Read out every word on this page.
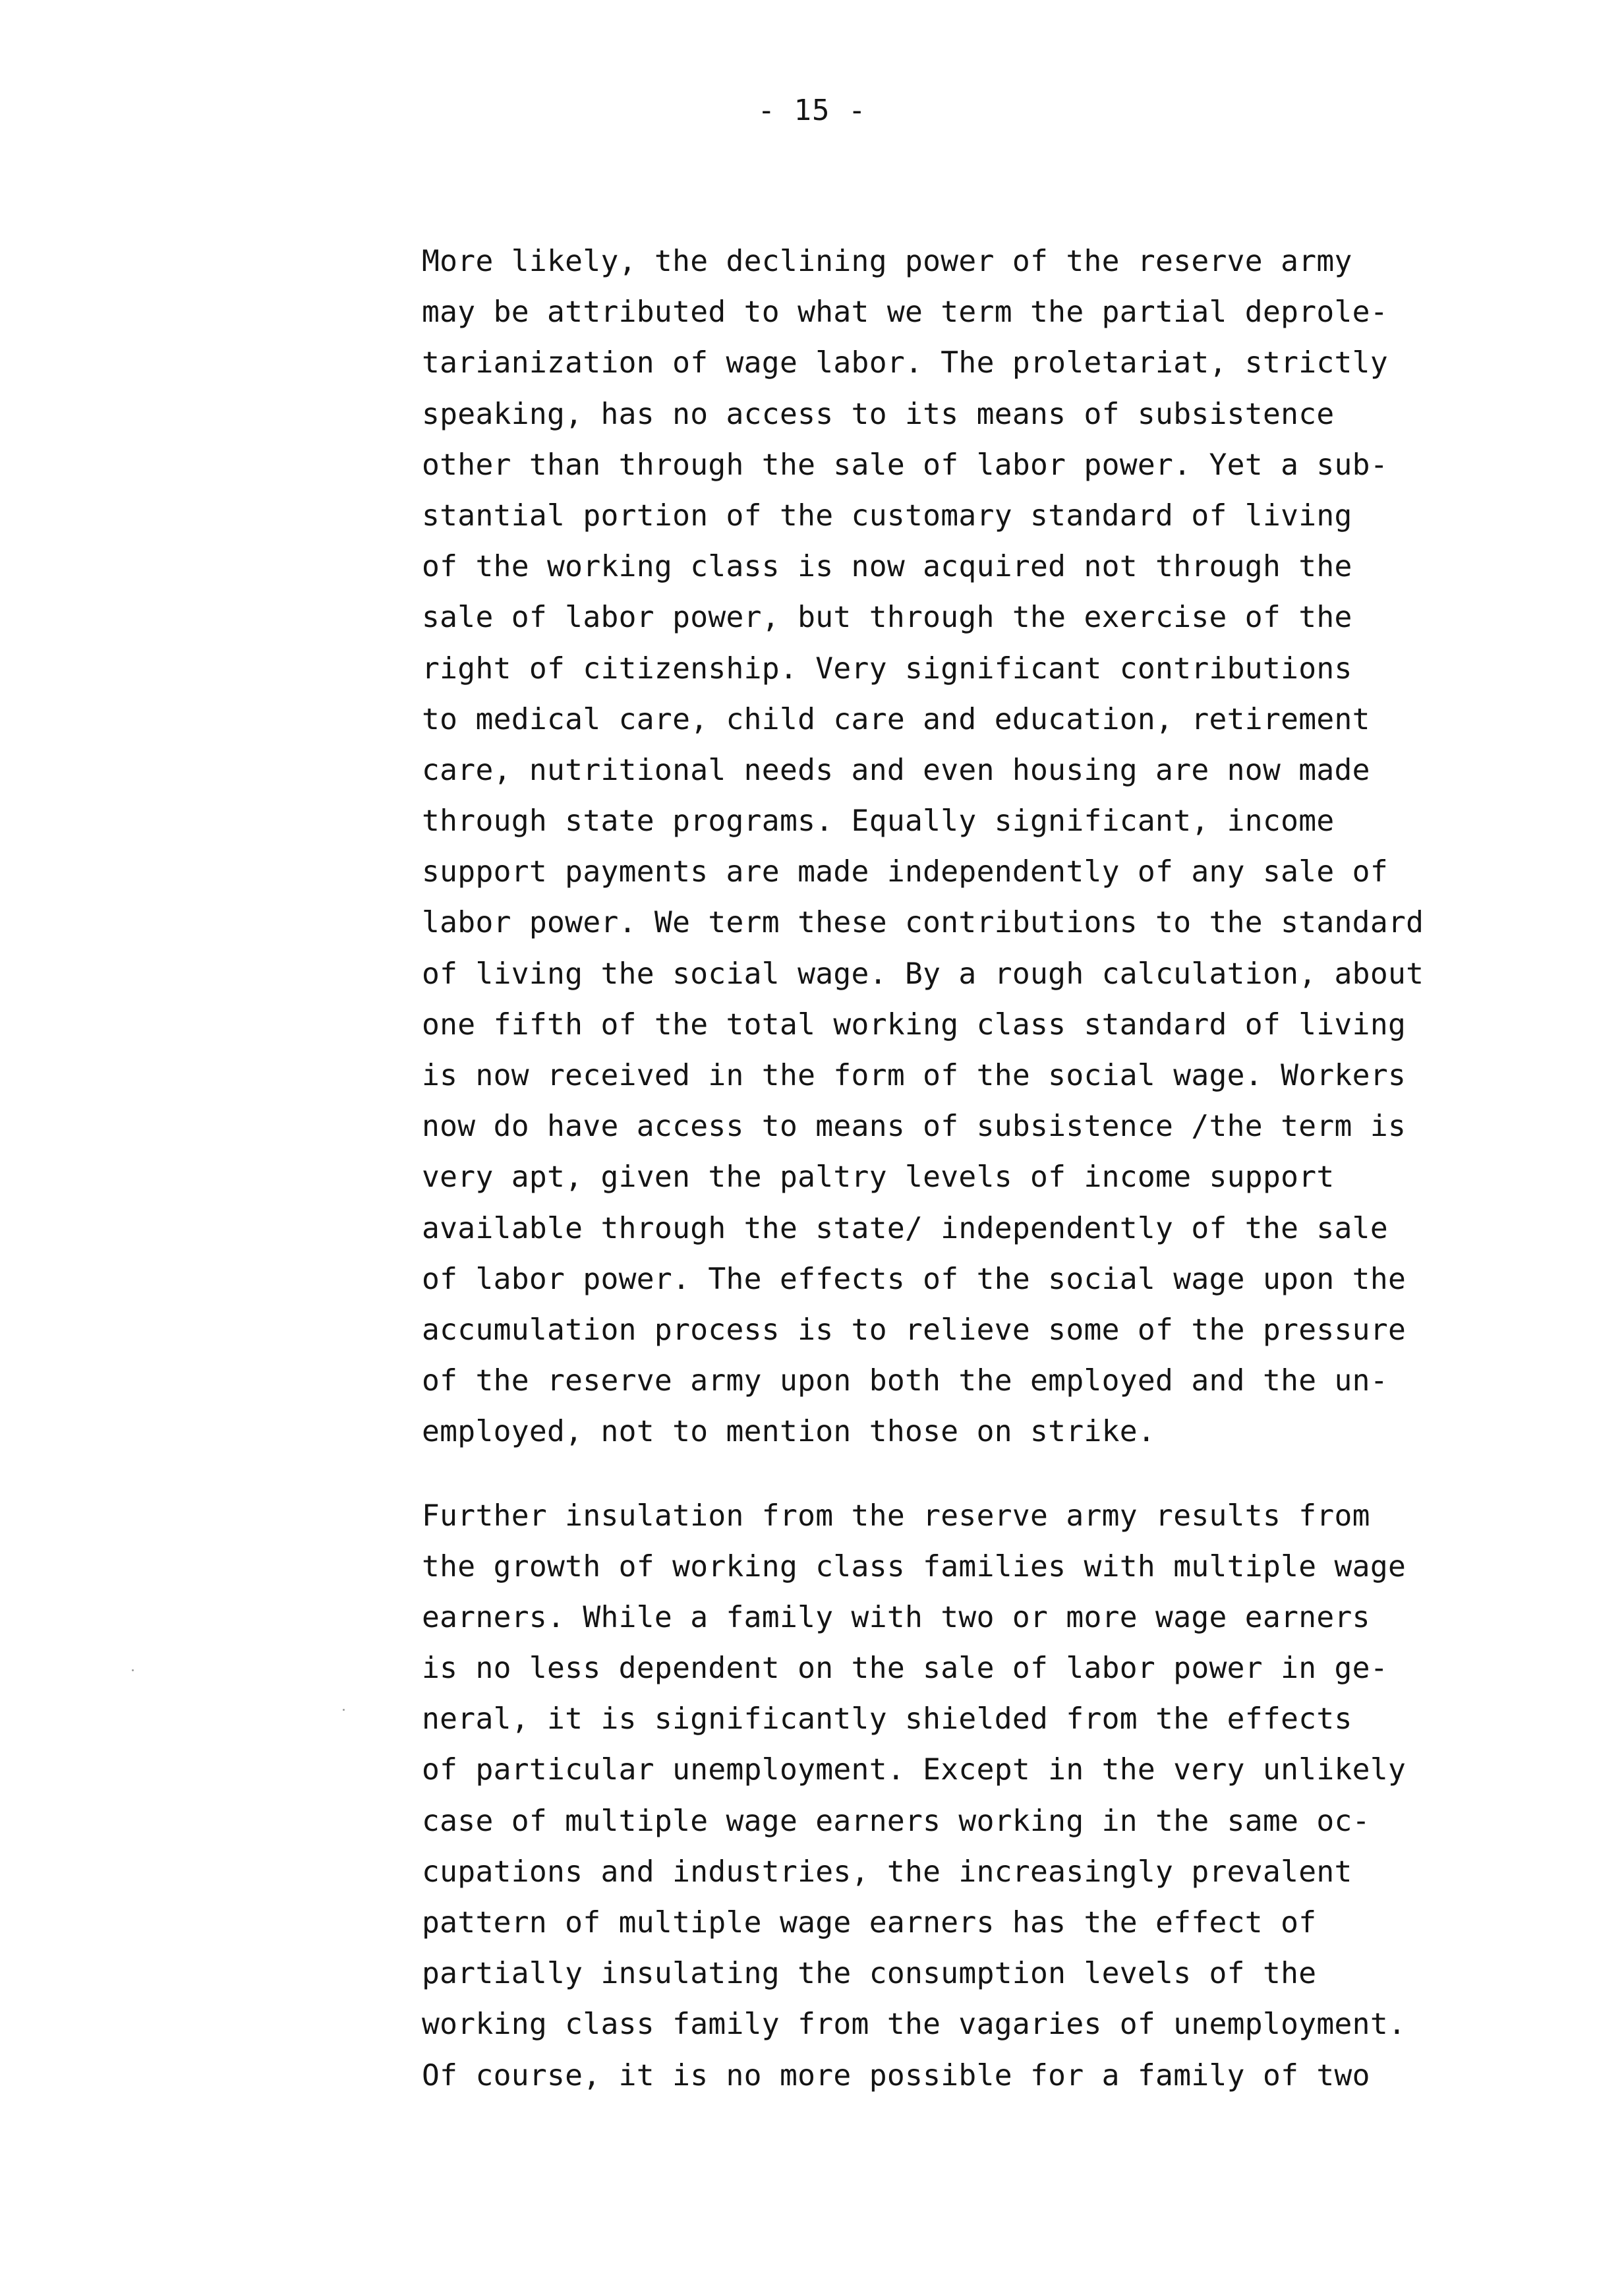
- 15 -

More likely, the declining power of the reserve army
may be attributed to what we term the partial deprole-
tarianization of wage labor. The proletariat, strictly
speaking, has no access to its means of subsistence
other than through the sale of labor power. Yet a sub-
stantial portion of the customary standard of living
of the working class is now acquired not through the
sale of labor power, but through the exercise of the
right of citizenship. Very significant contributions
to medical care, child care and education, retirement
care, nutritional needs and even housing are now made
through state programs. Equally significant, income
support payments are made independently of any sale of
labor power. We term these contributions to the standard
of living the social wage. By a rough calculation, about
one fifth of the total working class standard of living
is now received in the form of the social wage. Workers
now do have access to means of subsistence /the term is
very apt, given the paltry levels of income support
available through the state/ independently of the sale
of labor power. The effects of the social wage upon the
accumulation process is to relieve some of the pressure
of the reserve army upon both the employed and the un-
employed, not to mention those on strike.

Further insulation from the reserve army results from
the growth of working class families with multiple wage
earners. While a family with two or more wage earners
is no less dependent on the sale of labor power in ge-
neral, it is significantly shielded from the effects
of particular unemployment. Except in the very unlikely
case of multiple wage earners working in the same oc-
cupations and industries, the increasingly prevalent
pattern of multiple wage earners has the effect of
partially insulating the consumption levels of the
working class family from the vagaries of unemployment.
Of course, it is no more possible for a family of two
